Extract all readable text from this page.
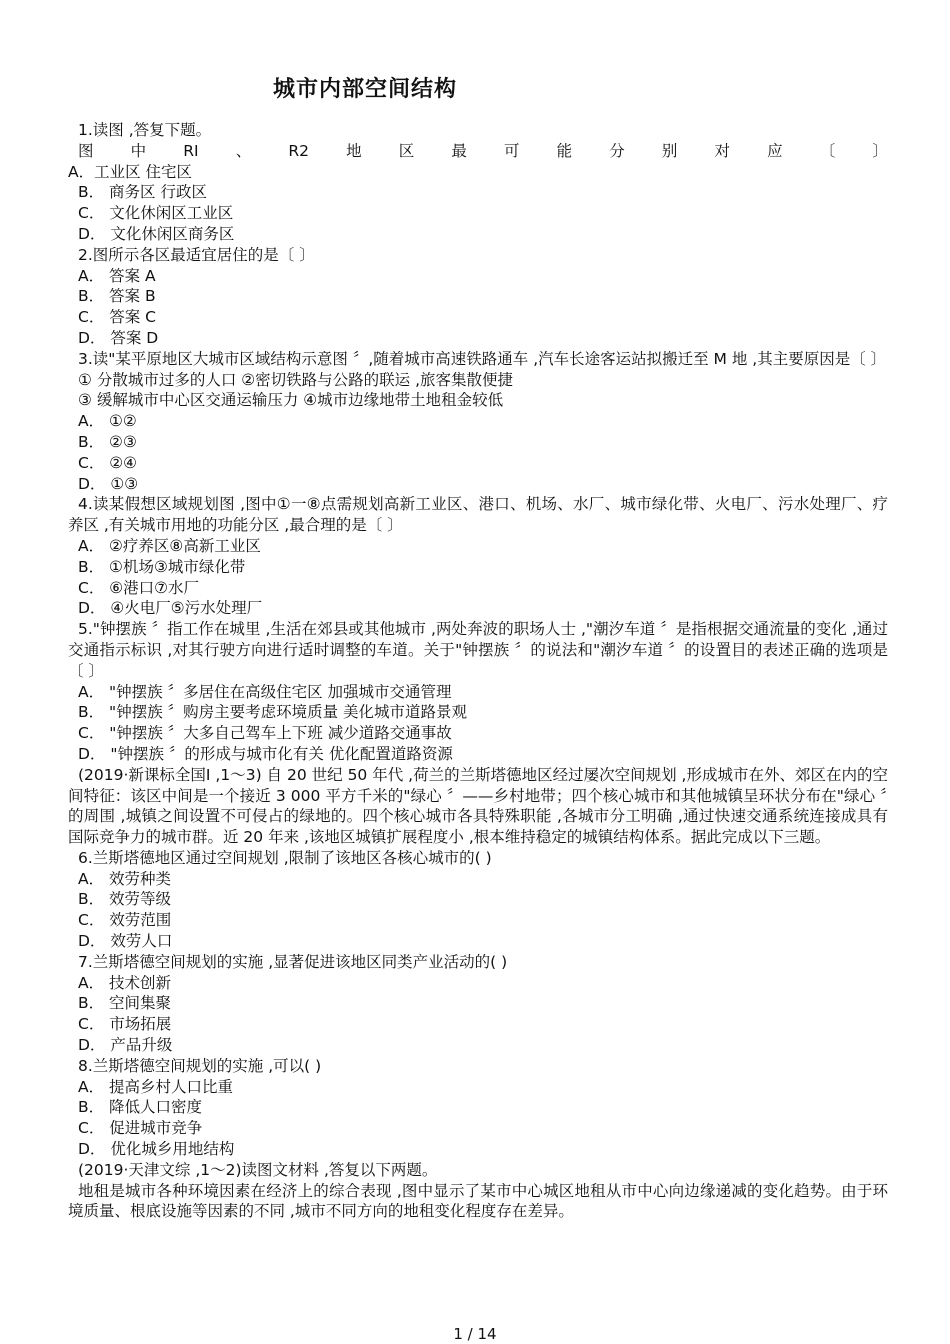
城市内部空间结构
1.读图 ,答复下题。
图 中 RI 、 R2 地 区 最 可 能 分 别 对 应 〔 〕
A．工业区 住宅区
B． 商务区 行政区
C． 文化休闲区工业区
D． 文化休闲区商务区
2.图所示各区最适宜居住的是〔 〕
A． 答案 A
B． 答案 B
C． 答案 C
D． 答案 D
3.读"某平原地区大城市区域结构示意图 〞,随着城市高速铁路通车 ,汽车长途客运站拟搬迁至 M 地 ,其主要原因是〔 〕
① 分散城市过多的人口 ②密切铁路与公路的联运 ,旅客集散便捷
③ 缓解城市中心区交通运输压力 ④城市边缘地带土地租金较低
A． ①②
B． ②③
C． ②④
D． ①③
4.读某假想区域规划图 ,图中①一⑧点需规划高新工业区、港口、机场、水厂、城市绿化带、火电厂、污水处理厂、疗养区 ,有关城市用地的功能分区 ,最合理的是〔 〕
A． ②疗养区⑧高新工业区
B． ①机场③城市绿化带
C． ⑥港口⑦水厂
D． ④火电厂⑤污水处理厂
5."钟摆族 〞指工作在城里 ,生活在郊县或其他城市 ,两处奔波的职场人士 ,"潮汐车道 〞是指根据交通流量的变化 ,通过交通指示标识 ,对其行驶方向进行适时调整的车道。关于"钟摆族 〞的说法和"潮汐车道 〞的设置目的表述正确的选项是〔 〕
A． "钟摆族 〞多居住在高级住宅区 加强城市交通管理
B． "钟摆族 〞购房主要考虑环境质量 美化城市道路景观
C． "钟摆族 〞大多自己驾车上下班 减少道路交通事故
D． "钟摆族 〞的形成与城市化有关 优化配置道路资源
(2019·新课标全国Ⅰ ,1～3) 自 20 世纪 50 年代 ,荷兰的兰斯塔德地区经过屡次空间规划 ,形成城市在外、郊区在内的空间特征：该区中间是一个接近 3 000 平方千米的"绿心 〞——乡村地带；四个核心城市和其他城镇呈环状分布在"绿心 〞的周围 ,城镇之间设置不可侵占的绿地的。四个核心城市各具特殊职能 ,各城市分工明确 ,通过快速交通系统连接成具有国际竞争力的城市群。近 20 年来 ,该地区城镇扩展程度小 ,根本维持稳定的城镇结构体系。据此完成以下三题。
6.兰斯塔德地区通过空间规划 ,限制了该地区各核心城市的( )
A． 效劳种类
B． 效劳等级
C． 效劳范围
D． 效劳人口
7.兰斯塔德空间规划的实施 ,显著促进该地区同类产业活动的( )
A． 技术创新
B． 空间集聚
C． 市场拓展
D． 产品升级
8.兰斯塔德空间规划的实施 ,可以( )
A． 提高乡村人口比重
B． 降低人口密度
C． 促进城市竞争
D． 优化城乡用地结构
(2019·天津文综 ,1～2)读图文材料 ,答复以下两题。
地租是城市各种环境因素在经济上的综合表现 ,图中显示了某市中心城区地租从市中心向边缘递减的变化趋势。由于环境质量、根底设施等因素的不同 ,城市不同方向的地租变化程度存在差异。
1 / 14
